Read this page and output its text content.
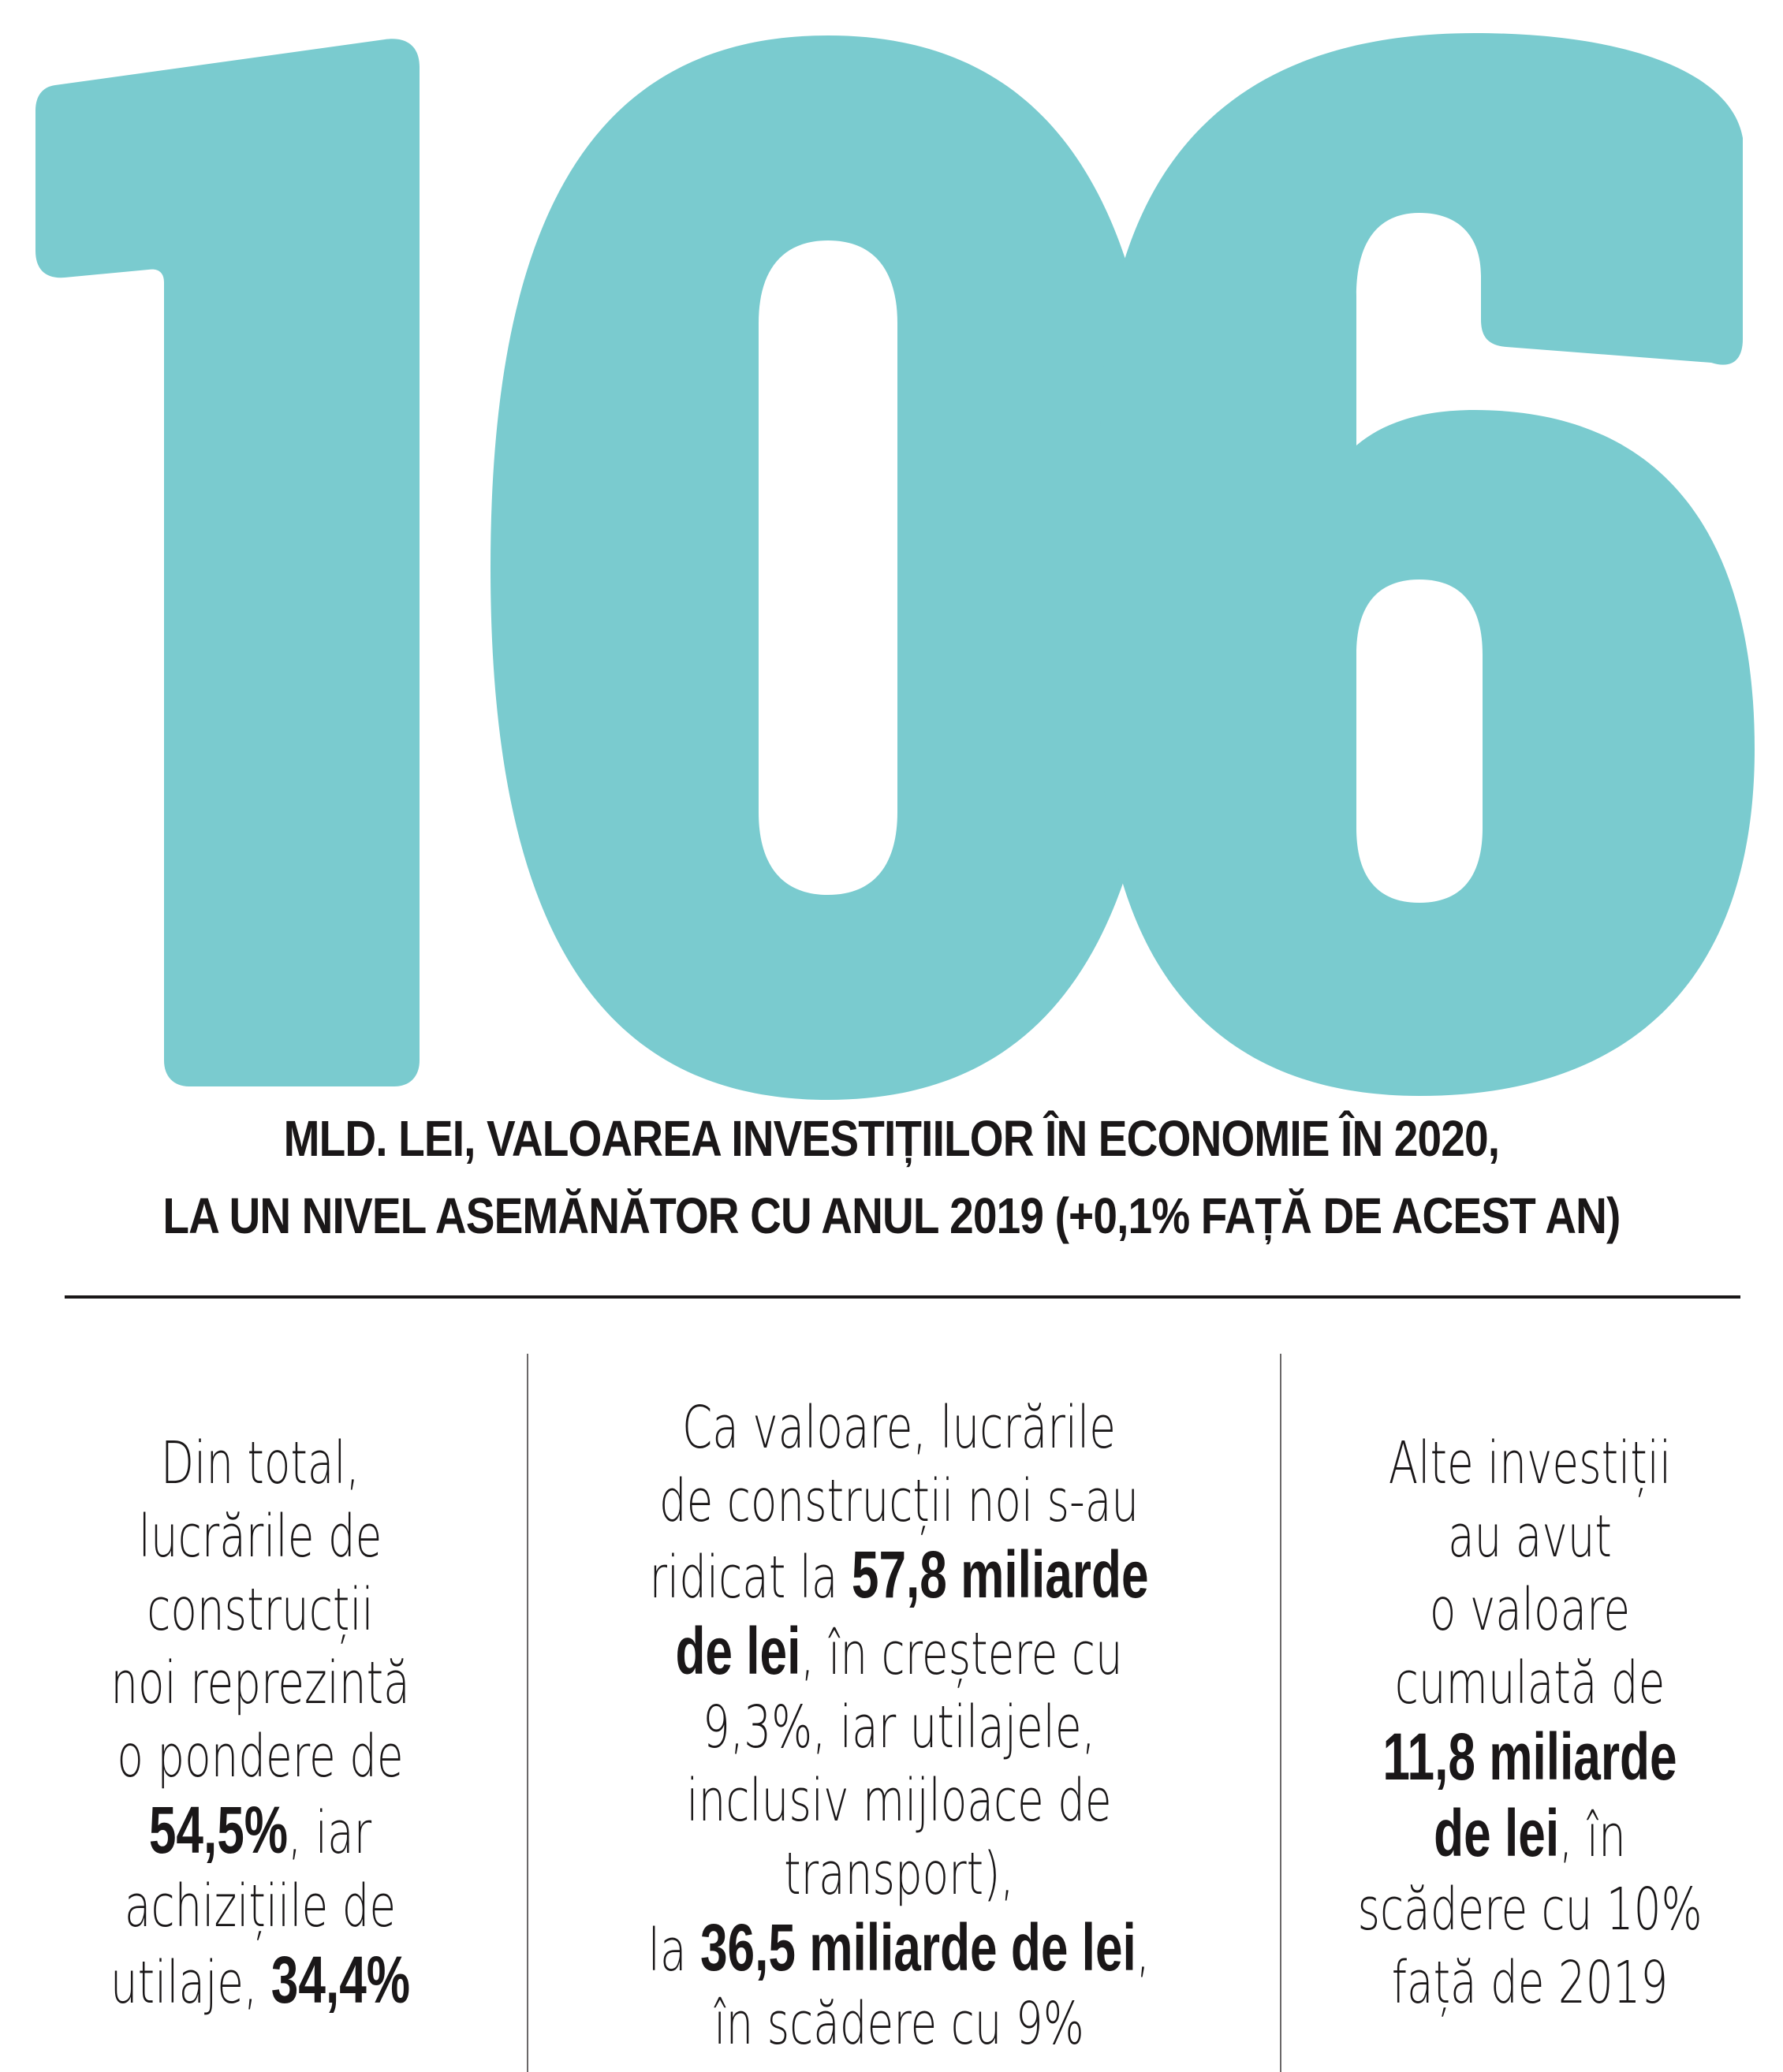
MLD. LEI, VALOAREA INVESTIȚIILOR ÎN ECONOMIE ÎN 2020,
LA UN NIVEL ASEMĂNĂTOR CU ANUL 2019 (+0,1% FAȚĂ DE ACEST AN)
Din total,
lucrările de
construcții
noi reprezintă
o pondere de
54,5%, iar
achizițiile de
utilaje, 34,4%
Ca valoare, lucrările
de construcții noi s-au
ridicat la 57,8 miliarde
de lei, în creștere cu
9,3%, iar utilajele,
inclusiv mijloace de
transport),
la 36,5 miliarde de lei,
în scădere cu 9%
Alte investiții
au avut
o valoare
cumulată de
11,8 miliarde
de lei, în
scădere cu 10%
față de 2019
